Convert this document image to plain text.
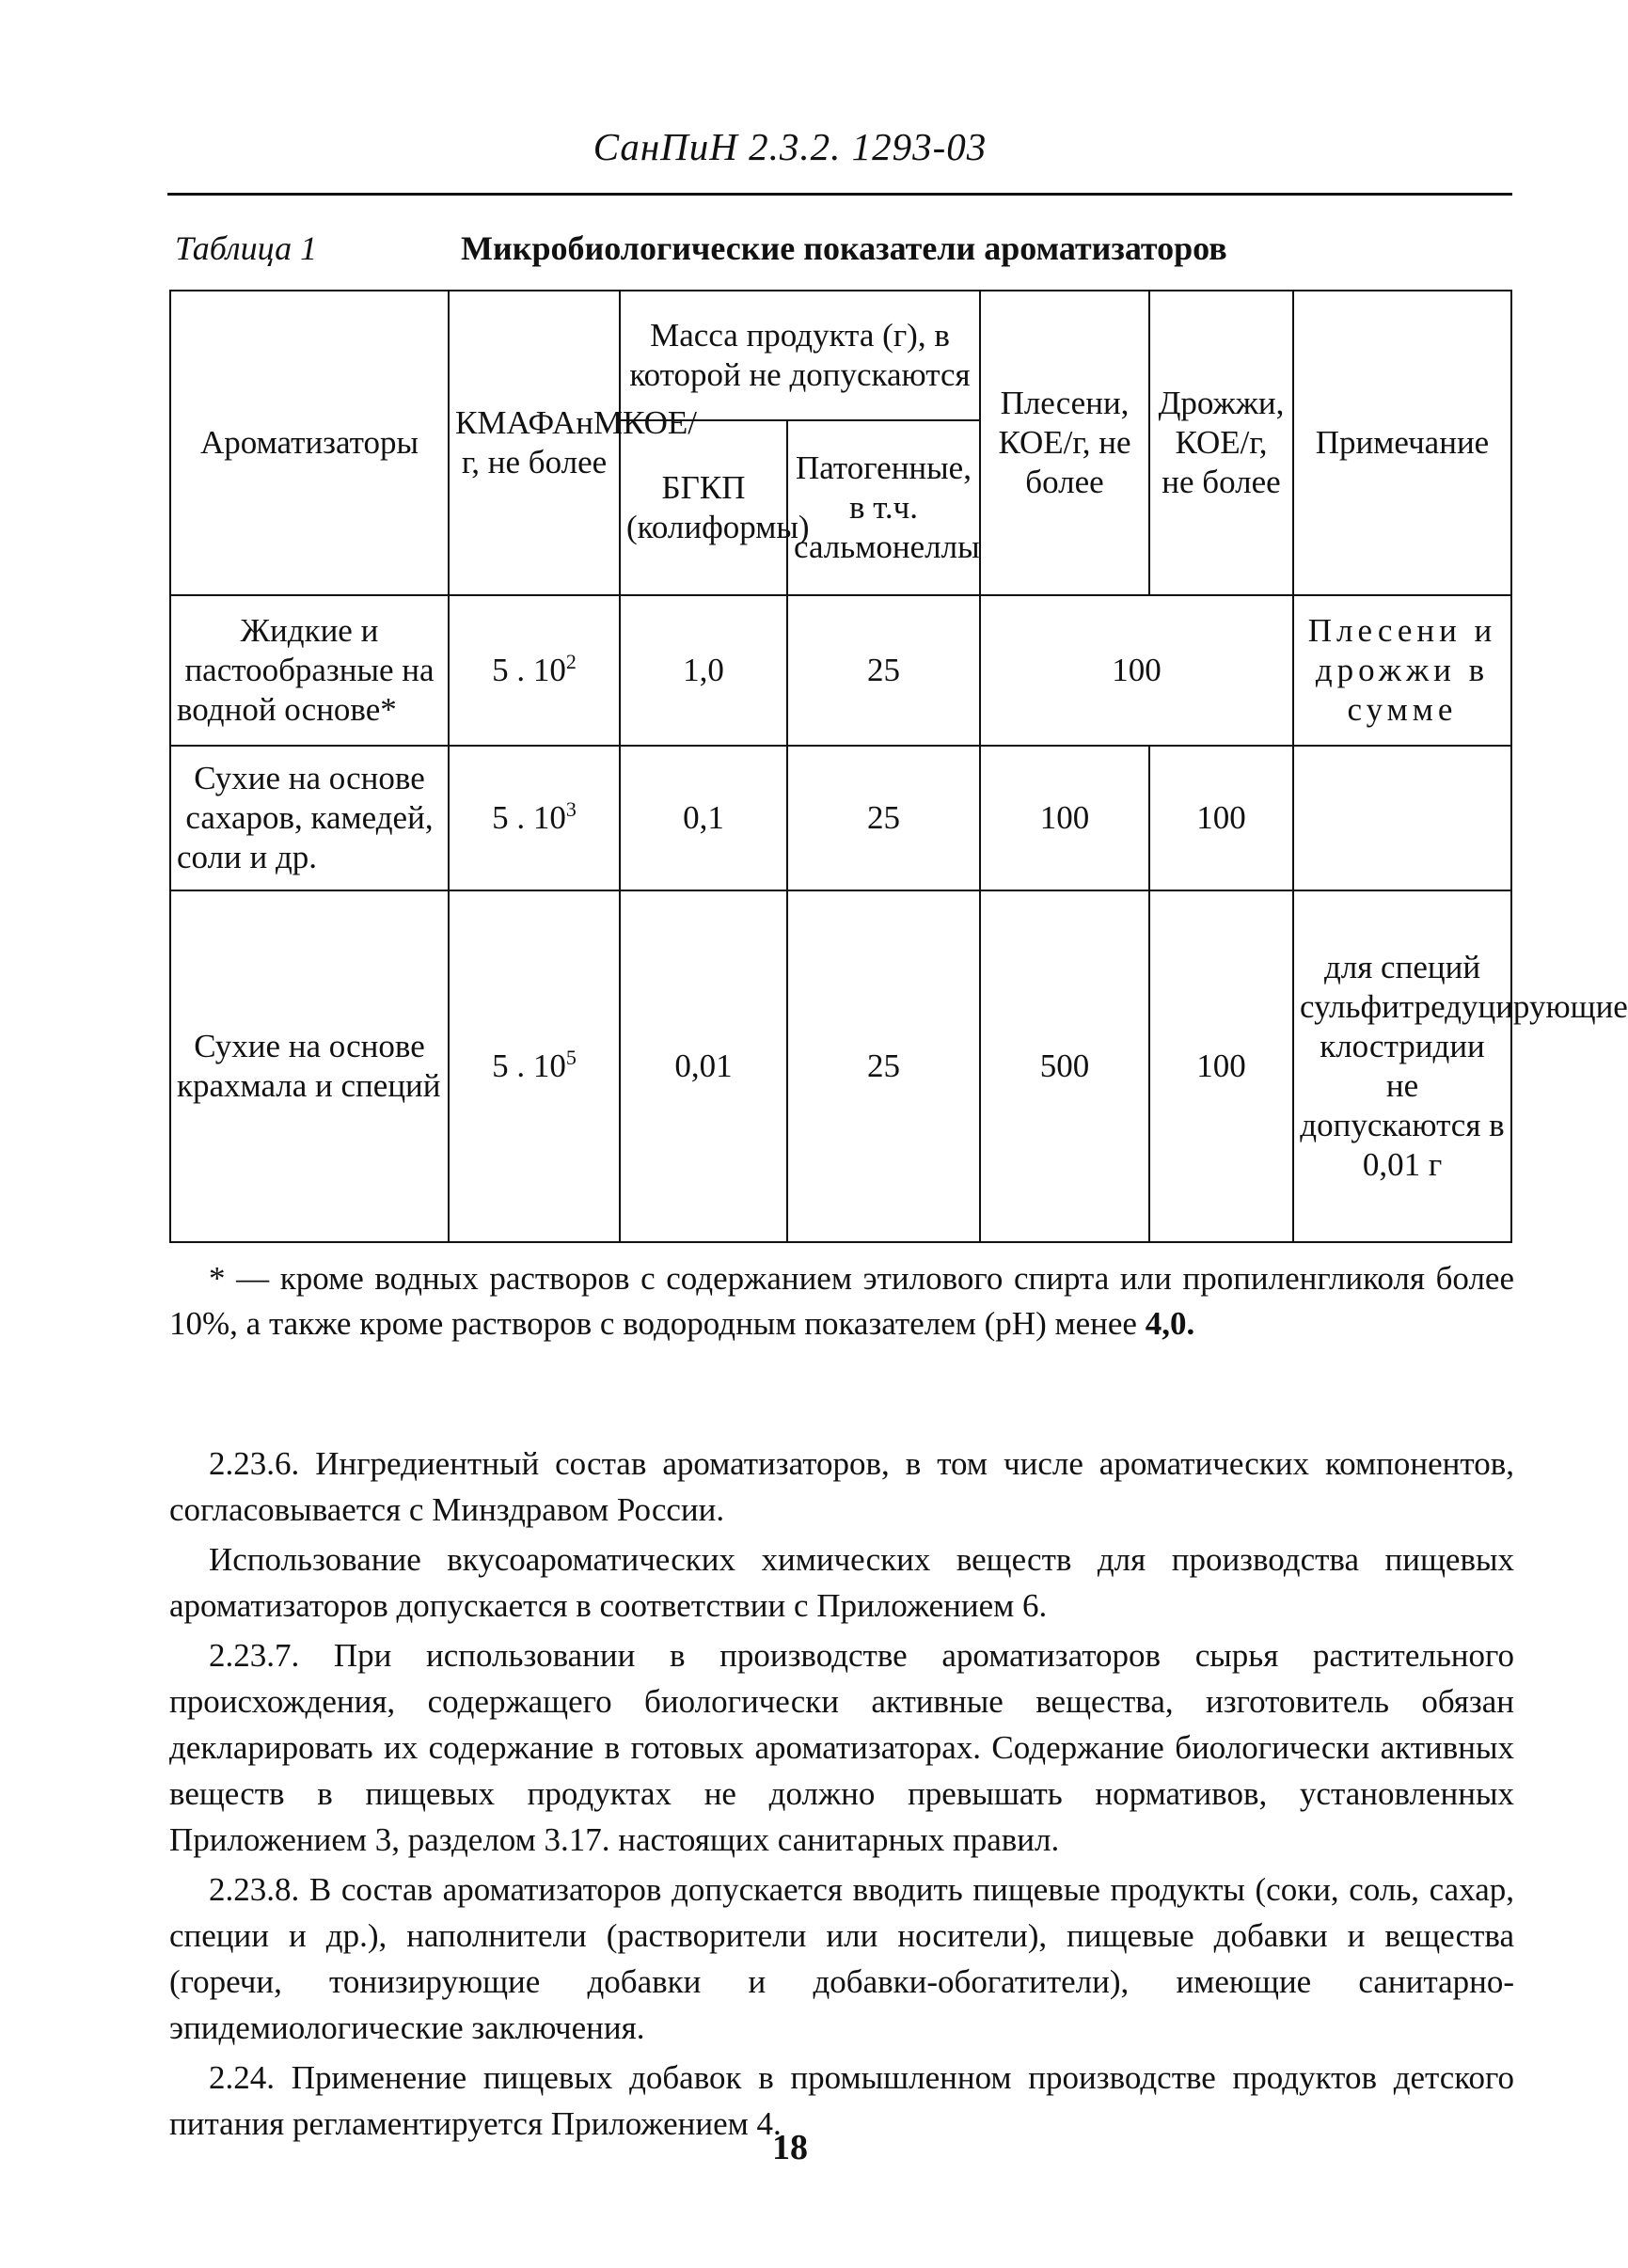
СанПиН 2.3.2. 1293-03
Таблица 1	Микробиологические показатели ароматизаторов
Ароматизаторы	КМАФАнМКОЕ/г, не более	Масса продукта (г), в которой не допускаются		Плесени, КОЕ/г, не более	Дрожжи, КОЕ/г, не более	Примечание
		БГКП (колиформы)	Патогенные, в т.ч. сальмонеллы			
Жидкие и пастообразные на водной основе*	5 . $10^2$	1,0	25	100		Плесени и дрожжи в сумме
Сухие на основе сахаров, камедей, соли и др.	5 . $10^3$	0,1	25	100	100	
Сухие на основе крахмала и специй	5 . $10^5$	0,01	25	500	100	для специй сульфитредуцирующие клостридии не допускаются в 0,01 г
* — кроме водных растворов с содержанием этилового спирта или пропиленгликоля более 10%, а также кроме растворов с водородным показателем (рН) менее 4,0.

2.23.6. Ингредиентный состав ароматизаторов, в том числе ароматических компонентов, согласовывается с Минздравом России.

Использование вкусоароматических химических веществ для производства пищевых ароматизаторов допускается в соответствии с Приложением 6.

2.23.7. При использовании в производстве ароматизаторов сырья растительного происхождения, содержащего биологически активные вещества, изготовитель обязан декларировать их содержание в готовых ароматизаторах. Содержание биологически активных веществ в пищевых продуктах не должно превышать нормативов, установленных Приложением 3, разделом 3.17. настоящих санитарных правил.

2.23.8. В состав ароматизаторов допускается вводить пищевые продукты (соки, соль, сахар, специи и др.), наполнители (растворители или носители), пищевые добавки и вещества (горечи, тонизирующие добавки и добавки-обогатители), имеющие санитарно-эпидемиологические заключения.

2.24. Применение пищевых добавок в промышленном производстве продуктов детского питания регламентируется Приложением 4.

18
